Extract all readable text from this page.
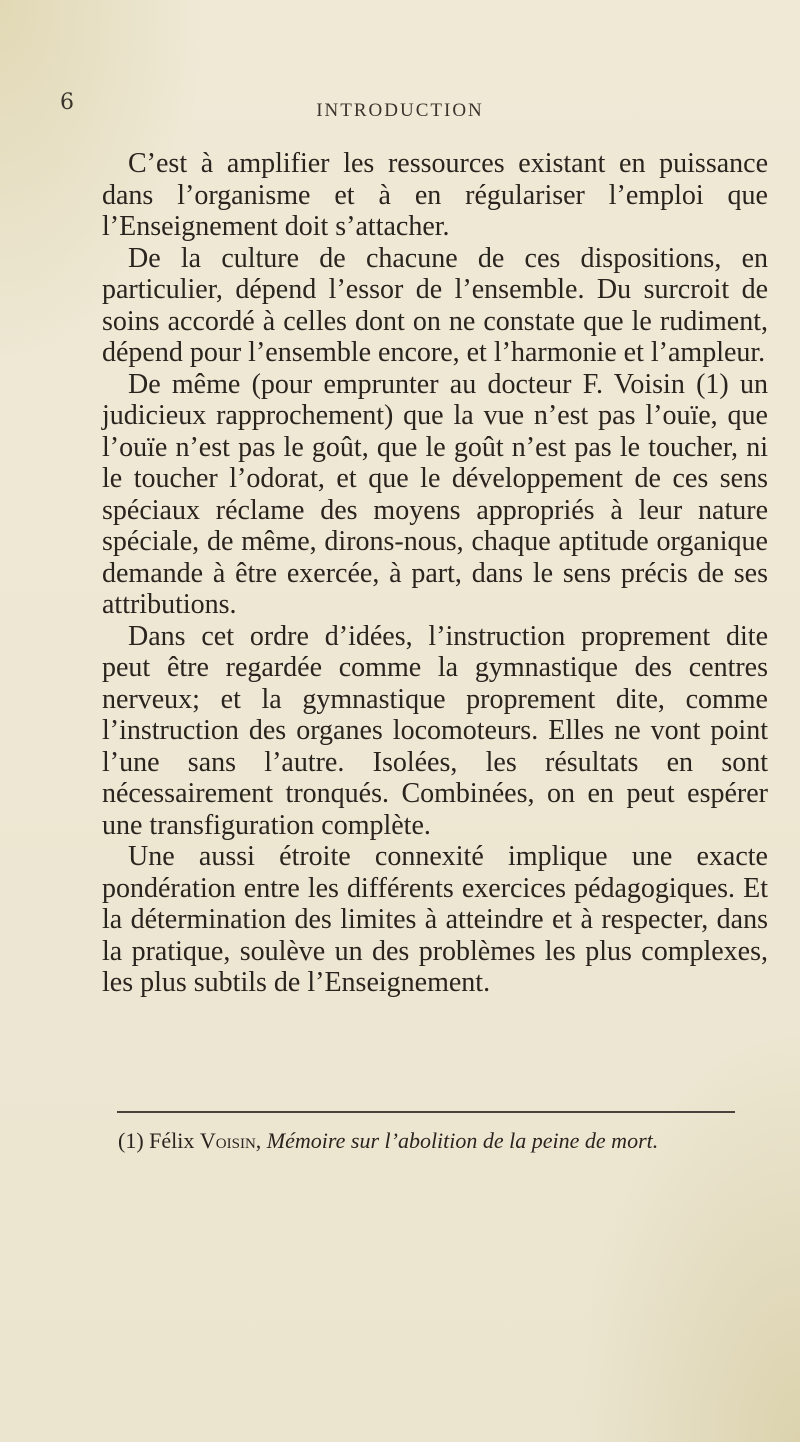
6	INTRODUCTION

C’est à amplifier les ressources existant en puissance dans l’organisme et à en régulariser l’emploi que l’Enseignement doit s’attacher.

De la culture de chacune de ces dispositions, en particulier, dépend l’essor de l’ensemble. Du surcroit de soins accordé à celles dont on ne constate que le rudiment, dépend pour l’ensemble encore, et l’harmonie et l’ampleur.

De même (pour emprunter au docteur F. Voisin (1) un judicieux rapprochement) que la vue n’est pas l’ouïe, que l’ouïe n’est pas le goût, que le goût n’est pas le toucher, ni le toucher l’odorat, et que le développement de ces sens spéciaux réclame des moyens appropriés à leur nature spéciale, de même, dirons-nous, chaque aptitude organique demande à être exercée, à part, dans le sens précis de ses attributions.

Dans cet ordre d’idées, l’instruction proprement dite peut être regardée comme la gymnastique des centres nerveux; et la gymnastique proprement dite, comme l’instruction des organes locomoteurs. Elles ne vont point l’une sans l’autre. Isolées, les résultats en sont nécessairement tronqués. Combinées, on en peut espérer une transfiguration complète.

Une aussi étroite connexité implique une exacte pondération entre les différents exercices pédagogiques. Et la détermination des limites à atteindre et à respecter, dans la pratique, soulève un des problèmes les plus complexes, les plus subtils de l’Enseignement.

(1) Félix Voisin, Mémoire sur l’abolition de la peine de mort.
